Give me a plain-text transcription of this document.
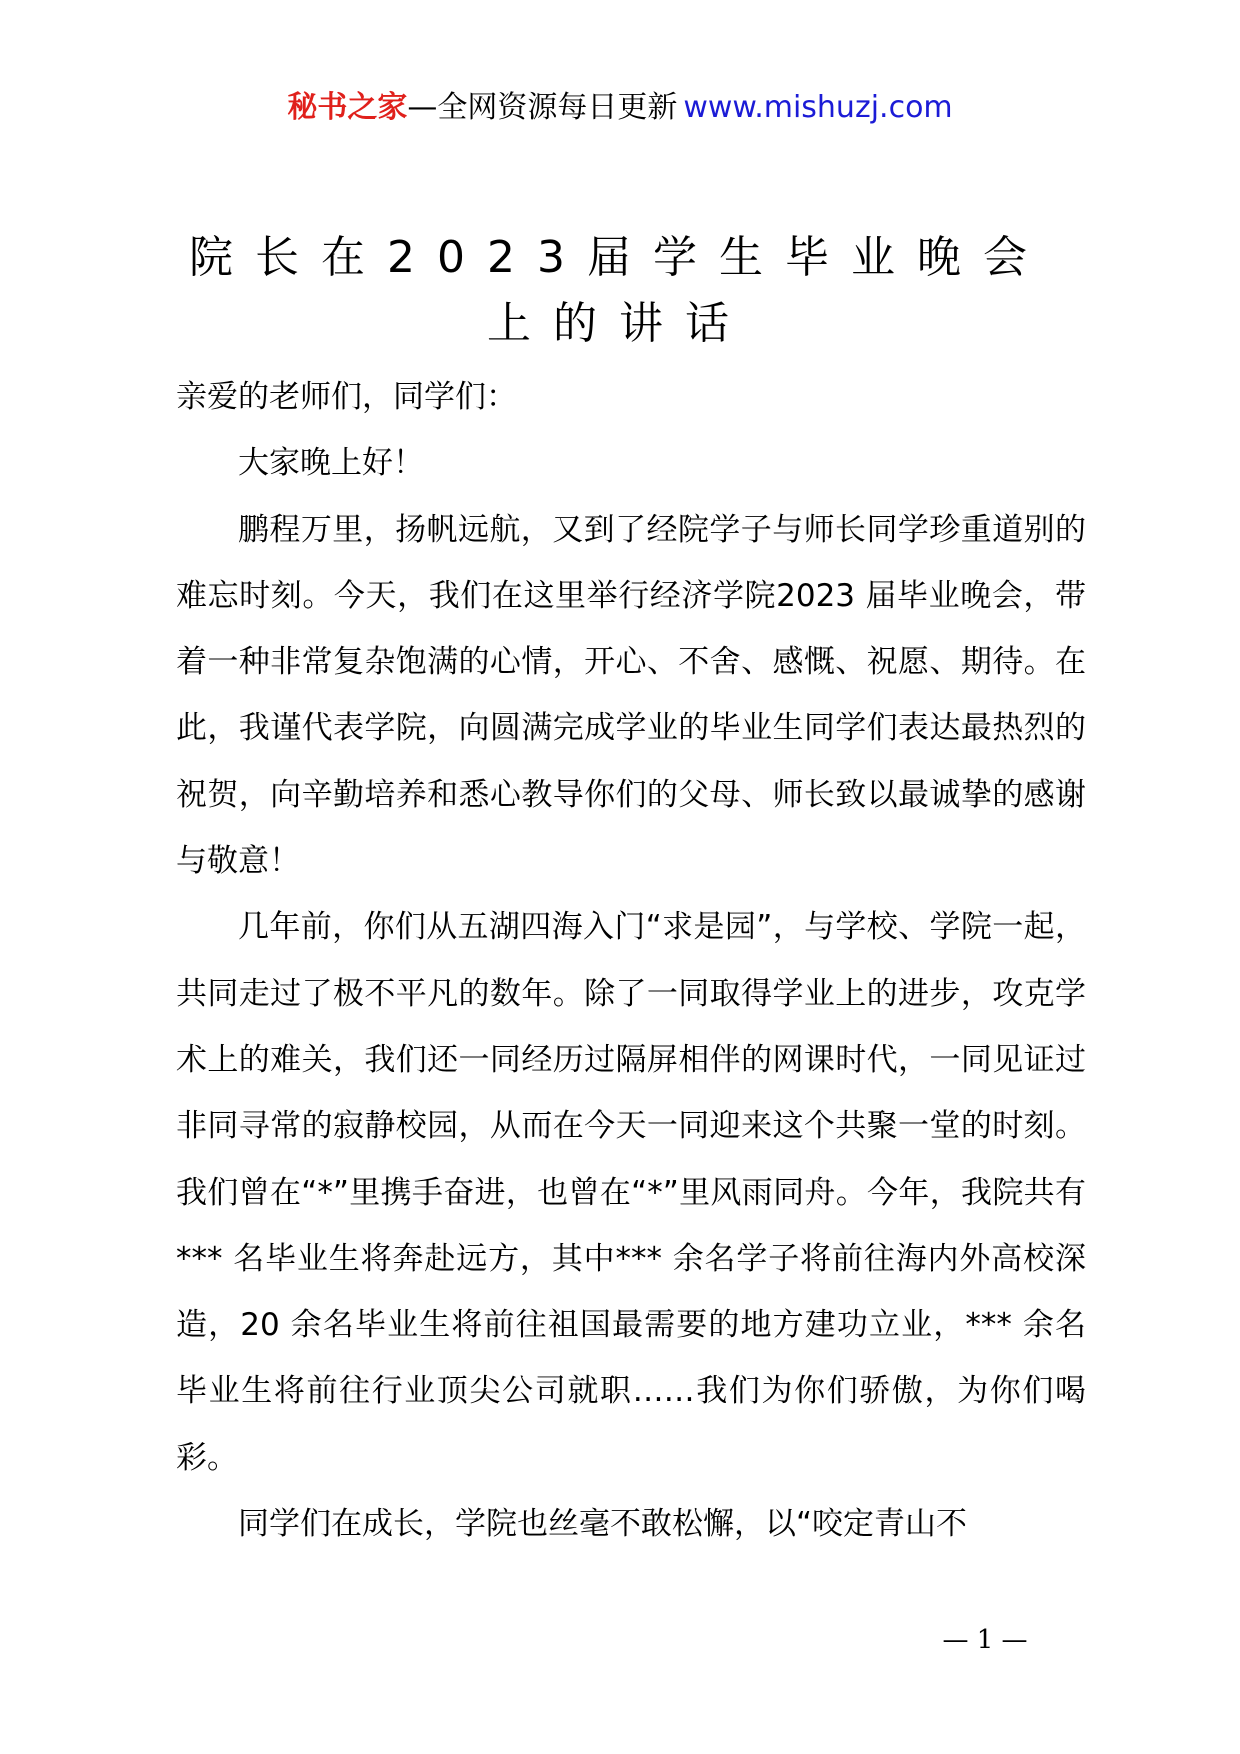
秘书之家—全网资源每日更新 www.mishuzj.com
院长在2023届学生毕业晚会上的讲话

亲爱的老师们，同学们：

大家晚上好！

鹏程万里，扬帆远航，又到了经院学子与师长同学珍重道别的难忘时刻。今天，我们在这里举行经济学院2023 届毕业晚会，带着一种非常复杂饱满的心情，开心、不舍、感慨、祝愿、期待。在此，我谨代表学院，向圆满完成学业的毕业生同学们表达最热烈的祝贺，向辛勤培养和悉心教导你们的父母、师长致以最诚挚的感谢与敬意！

几年前，你们从五湖四海入门“求是园”，与学校、学院一起，共同走过了极不平凡的数年。除了一同取得学业上的进步，攻克学术上的难关，我们还一同经历过隔屏相伴的网课时代，一同见证过非同寻常的寂静校园，从而在今天一同迎来这个共聚一堂的时刻。我们曾在“*”里携手奋进，也曾在“*”里风雨同舟。今年，我院共有*** 名毕业生将奔赴远方，其中*** 余名学子将前往海内外高校深造，20 余名毕业生将前往祖国最需要的地方建功立业，*** 余名毕业生将前往行业顶尖公司就职……我们为你们骄傲，为你们喝彩。

同学们在成长，学院也丝毫不敢松懈，以“咬定青山不

— 1 —
